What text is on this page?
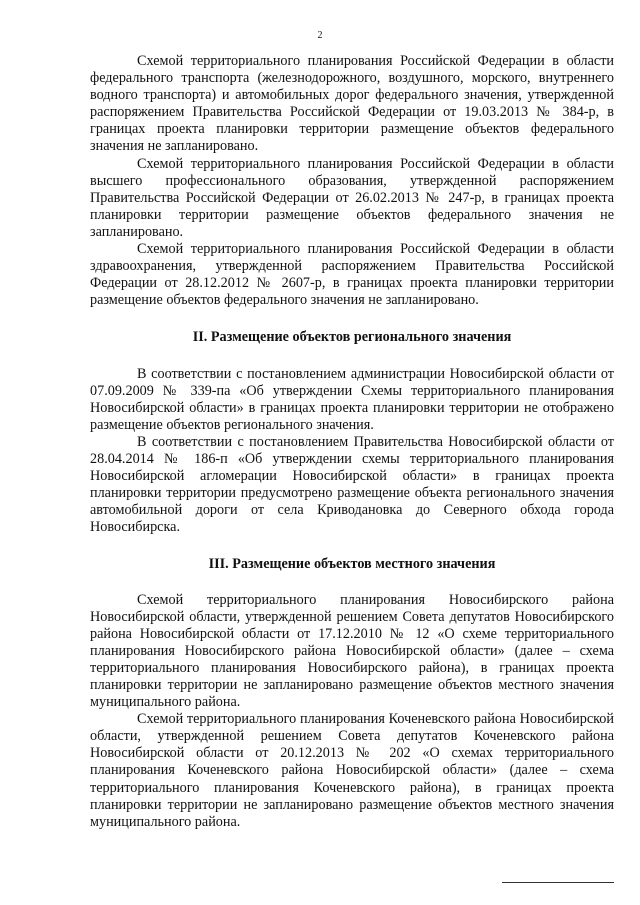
2

Схемой территориального планирования Российской Федерации в области федерального транспорта (железнодорожного, воздушного, морского, внутреннего водного транспорта) и автомобильных дорог федерального значения, утвержденной распоряжением Правительства Российской Федерации от 19.03.2013 № 384-р, в границах проекта планировки территории размещение объектов федерального значения не запланировано.

Схемой территориального планирования Российской Федерации в области высшего профессионального образования, утвержденной распоряжением Правительства Российской Федерации от 26.02.2013 № 247-р, в границах проекта планировки территории размещение объектов федерального значения не запланировано.

Схемой территориального планирования Российской Федерации в области здравоохранения, утвержденной распоряжением Правительства Российской Федерации от 28.12.2012 № 2607-р, в границах проекта планировки территории размещение объектов федерального значения не запланировано.

II. Размещение объектов регионального значения

В соответствии с постановлением администрации Новосибирской области от 07.09.2009 № 339-па «Об утверждении Схемы территориального планирования Новосибирской области» в границах проекта планировки территории не отображено размещение объектов регионального значения.

В соответствии с постановлением Правительства Новосибирской области от 28.04.2014 № 186-п «Об утверждении схемы территориального планирования Новосибирской агломерации Новосибирской области» в границах проекта планировки территории предусмотрено размещение объекта регионального значения автомобильной дороги от села Криводановка до Северного обхода города Новосибирска.

III. Размещение объектов местного значения

Схемой территориального планирования Новосибирского района Новосибирской области, утвержденной решением Совета депутатов Новосибирского района Новосибирской области от 17.12.2010 № 12 «О схеме территориального планирования Новосибирского района Новосибирской области» (далее – схема территориального планирования Новосибирского района), в границах проекта планировки территории не запланировано размещение объектов местного значения муниципального района.

Схемой территориального планирования Коченевского района Новосибирской области, утвержденной решением Совета депутатов Коченевского района Новосибирской области от 20.12.2013 № 202 «О схемах территориального планирования Коченевского района Новосибирской области» (далее – схема территориального планирования Коченевского района), в границах проекта планировки территории не запланировано размещение объектов местного значения муниципального района.
